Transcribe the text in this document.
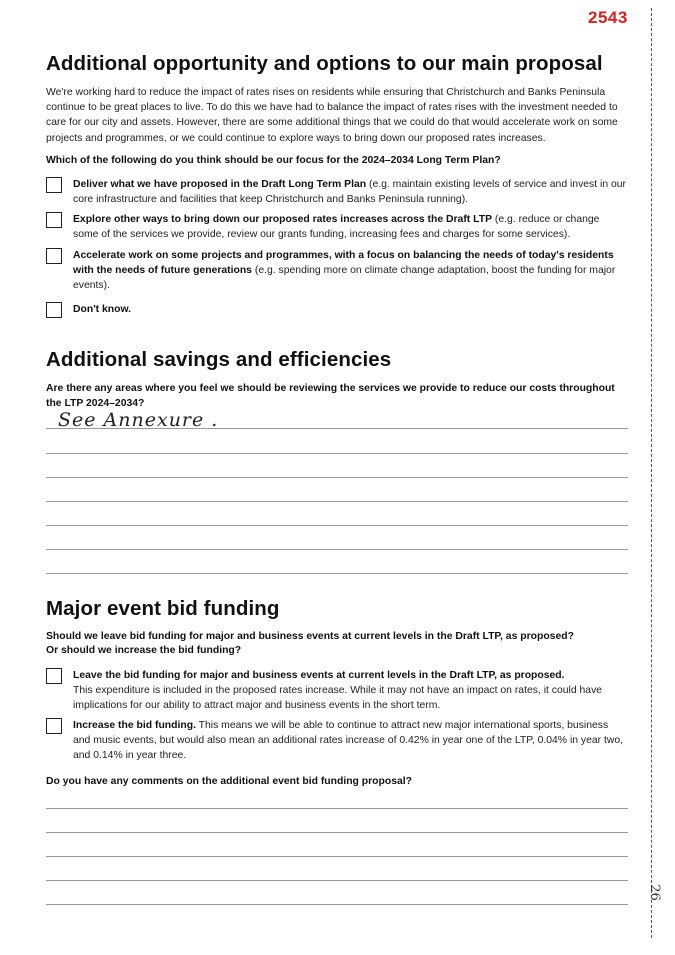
2543
26
Additional opportunity and options to our main proposal

We're working hard to reduce the impact of rates rises on residents while ensuring that Christchurch and Banks Peninsula continue to be great places to live. To do this we have had to balance the impact of rates rises with the investment needed to care for our city and assets. However, there are some additional things that we could do that would accelerate work on some projects and programmes, or we could continue to explore ways to bring down our proposed rates increases.

Which of the following do you think should be our focus for the 2024–2034 Long Term Plan?

Deliver what we have proposed in the Draft Long Term Plan (e.g. maintain existing levels of service and invest in our core infrastructure and facilities that keep Christchurch and Banks Peninsula running).
Explore other ways to bring down our proposed rates increases across the Draft LTP (e.g. reduce or change some of the services we provide, review our grants funding, increasing fees and charges for some services).
Accelerate work on some projects and programmes, with a focus on balancing the needs of today's residents with the needs of future generations (e.g. spending more on climate change adaptation, boost the funding for major events).
Don't know.
Additional savings and efficiencies

Are there any areas where you feel we should be reviewing the services we provide to reduce our costs throughout the LTP 2024–2034?

See Annexure .
Major event bid funding

Should we leave bid funding for major and business events at current levels in the Draft LTP, as proposed?

Or should we increase the bid funding?

Leave the bid funding for major and business events at current levels in the Draft LTP, as proposed.
This expenditure is included in the proposed rates increase. While it may not have an impact on rates, it could have implications for our ability to attract major and business events in the short term.
Increase the bid funding. This means we will be able to continue to attract new major international sports, business and music events, but would also mean an additional rates increase of 0.42% in year one of the LTP, 0.04% in year two, and 0.14% in year three.

Do you have any comments on the additional event bid funding proposal?
